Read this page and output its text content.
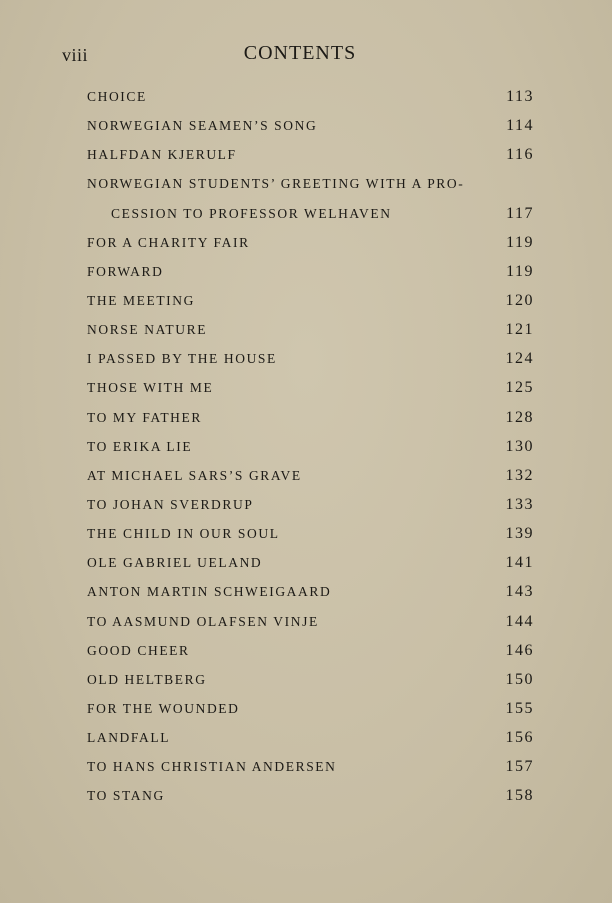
viii	CONTENTS
CHOICE	113
NORWEGIAN SEAMEN’S SONG	114
HALFDAN KJERULF	116
NORWEGIAN STUDENTS’ GREETING WITH A PRO-
CESSION TO PROFESSOR WELHAVEN	117
FOR A CHARITY FAIR	119
FORWARD	119
THE MEETING	120
NORSE NATURE	121
I PASSED BY THE HOUSE	124
THOSE WITH ME	125
TO MY FATHER	128
TO ERIKA LIE	130
AT MICHAEL SARS’S GRAVE	132
TO JOHAN SVERDRUP	133
THE CHILD IN OUR SOUL	139
OLE GABRIEL UELAND	141
ANTON MARTIN SCHWEIGAARD	143
TO AASMUND OLAFSEN VINJE	144
GOOD CHEER	146
OLD HELTBERG	150
FOR THE WOUNDED	155
LANDFALL	156
TO HANS CHRISTIAN ANDERSEN	157
TO STANG	158
